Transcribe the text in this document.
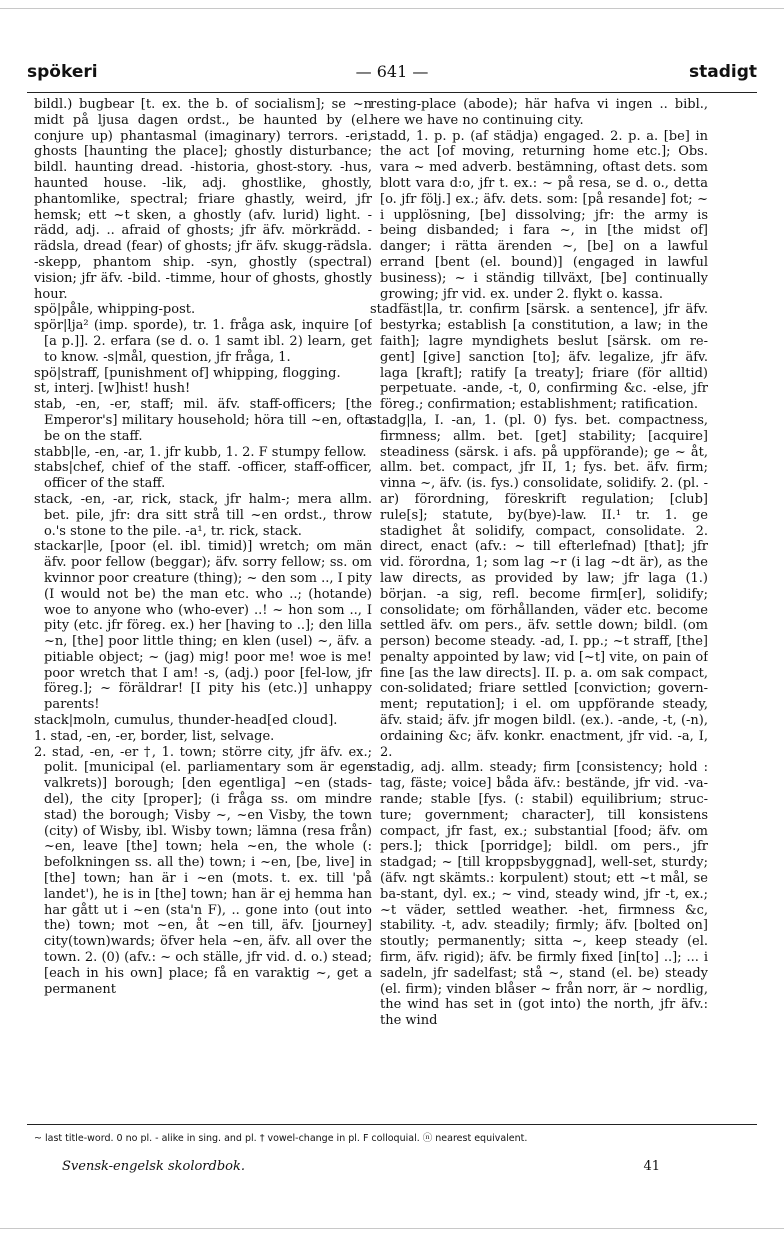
spökeri	— 641 —	stadigt

bildl.) bugbear [t. ex. the b. of socialism]; se ~n midt på ljusa dagen ordst., be haunted by (el. conjure up) phantasmal (imaginary) terrors. -eri, ghosts [haunting the place]; ghostly disturbance; bildl. haunting dread. -historia, ghost-story. -hus, haunted house. -lik, adj. ghostlike, ghostly, phantomlike, spectral; friare ghastly, weird, jfr hemsk; ett ~t sken, a ghostly (afv. lurid) light. -rädd, adj. .. afraid of ghosts; jfr äfv. mörkrädd. -rädsla, dread (fear) of ghosts; jfr äfv. skugg-rädsla. -skepp, phantom ship. -syn, ghostly (spectral) vision; jfr äfv. -bild. -timme, hour of ghosts, ghostly hour.

spö|påle, whipping-post.

spör|lja² (imp. sporde), tr. 1. fråga ask, inquire [of [a p.]]. 2. erfara (se d. o. 1 samt ibl. 2) learn, get to know. -s|mål, question, jfr fråga, 1.

spö|straff, [punishment of] whipping, flogging.

st, interj. [w]hist! hush!

stab, -en, -er, staff; mil. äfv. staff-officers; [the Emperor's] military household; höra till ~en, ofta be on the staff.

stabb|le, -en, -ar, 1. jfr kubb, 1. 2. F stumpy fellow.

stabs|chef, chief of the staff. -officer, staff-officer, officer of the staff.

stack, -en, -ar, rick, stack, jfr halm-; mera allm. bet. pile, jfr: dra sitt strå till ~en ordst., throw o.'s stone to the pile. -a¹, tr. rick, stack.

stackar|le, [poor (el. ibl. timid)] wretch; om män äfv. poor fellow (beggar); äfv. sorry fellow; ss. om kvinnor poor creature (thing); ~ den som .., I pity (I would not be) the man etc. who ..; (hotande) woe to anyone who (who-ever) ..! ~ hon som .., I pity (etc. jfr föreg. ex.) her [having to ..]; den lilla ~n, [the] poor little thing; en klen (usel) ~, äfv. a pitiable object; ~ (jag) mig! poor me! woe is me! poor wretch that I am! -s, (adj.) poor [fel-low, jfr föreg.]; ~ föräldrar! [I pity his (etc.)] unhappy parents!

stack|moln, cumulus, thunder-head[ed cloud].

1. stad, -en, -er, border, list, selvage.

2. stad, -en, -er †, 1. town; större city, jfr äfv. ex.; polit. [municipal (el. parliamentary som är egen valkrets)] borough; [den egentliga] ~en (stads-del), the city [proper]; (i fråga ss. om mindre stad) the borough; Visby ~, ~en Visby, the town (city) of Wisby, ibl. Wisby town; lämna (resa från) ~en, leave [the] town; hela ~en, the whole (: befolkningen ss. all the) town; i ~en, [be, live] in [the] town; han är i ~en (mots. t. ex. till 'på landet'), he is in [the] town; han är ej hemma han har gått ut i ~en (sta'n F), .. gone into (out into the) town; mot ~en, åt ~en till, äfv. [journey] city(town)wards; öfver hela ~en, äfv. all over the town. 2. (0) (afv.: ~ och ställe, jfr vid. d. o.) stead; [each in his own] place; få en varaktig ~, get a permanent

resting-place (abode); här hafva vi ingen .. bibl., here we have no continuing city.

stadd, 1. p. p. (af städja) engaged. 2. p. a. [be] in the act [of moving, returning home etc.]; Obs. vara ~ med adverb. bestämning, oftast dets. som blott vara d:o, jfr t. ex.: ~ på resa, se d. o., detta [o. jfr följ.] ex.; äfv. dets. som: [på resande] fot; ~ i upplösning, [be] dissolving; jfr: the army is being disbanded; i fara ~, in [the midst of] danger; i rätta ärenden ~, [be] on a lawful errand [bent (el. bound)] (engaged in lawful business); ~ i ständig tillväxt, [be] continually growing; jfr vid. ex. under 2. flykt o. kassa.

stadfäst|la, tr. confirm [särsk. a sentence], jfr äfv. bestyrka; establish [a constitution, a law; in the faith]; lagre myndighets beslut [särsk. om re-gent] [give] sanction [to]; äfv. legalize, jfr äfv. laga [kraft]; ratify [a treaty]; friare (för alltid) perpetuate. -ande, -t, 0, confirming &c. -else, jfr föreg.; confirmation; establishment; ratification.

stadg|la, I. -an, 1. (pl. 0) fys. bet. compactness, firmness; allm. bet. [get] stability; [acquire] steadiness (särsk. i afs. på uppförande); ge ~ åt, allm. bet. compact, jfr II, 1; fys. bet. äfv. firm; vinna ~, äfv. (is. fys.) consolidate, solidify. 2. (pl. -ar) förordning, föreskrift regulation; [club] rule[s]; statute, by(bye)-law. II.¹ tr. 1. ge stadighet åt solidify, compact, consolidate. 2. direct, enact (afv.: ~ till efterlefnad) [that]; jfr vid. förordna, 1; som lag ~r (i lag ~dt är), as the law directs, as provided by law; jfr laga (1.) början. -a sig, refl. become firm[er], solidify; consolidate; om förhållanden, väder etc. become settled äfv. om pers., äfv. settle down; bildl. (om person) become steady. -ad, I. pp.; ~t straff, [the] penalty appointed by law; vid [~t] vite, on pain of fine [as the law directs]. II. p. a. om sak compact, con-solidated; friare settled [conviction; govern-ment; reputation]; i el. om uppförande steady, äfv. staid; äfv. jfr mogen bildl. (ex.). -ande, -t, (-n), ordaining &c; äfv. konkr. enactment, jfr vid. -a, I, 2.

stadig, adj. allm. steady; firm [consistency; hold : tag, fäste; voice] båda äfv.: bestände, jfr vid. -va-rande; stable [fys. (: stabil) equilibrium; struc-ture; government; character], till konsistens compact, jfr fast, ex.; substantial [food; äfv. om pers.]; thick [porridge]; bildl. om pers., jfr stadgad; ~ [till kroppsbyggnad], well-set, sturdy; (äfv. ngt skämts.: korpulent) stout; ett ~t mål, se ba-stant, dyl. ex.; ~ vind, steady wind, jfr -t, ex.; ~t väder, settled weather. -het, firmness &c, stability. -t, adv. steadily; firmly; äfv. [bolted on] stoutly; permanently; sitta ~, keep steady (el. firm, äfv. rigid); äfv. be firmly fixed [in[to] ..]; ... i sadeln, jfr sadelfast; stå ~, stand (el. be) steady (el. firm); vinden blåser ~ från norr, är ~ nordlig, the wind has set in (got into) the north, jfr äfv.: the wind

~ last title-word. 0 no pl. - alike in sing. and pl. † vowel-change in pl. F colloquial. ⓝ nearest equivalent.
Svensk-engelsk skolordbok.	41
